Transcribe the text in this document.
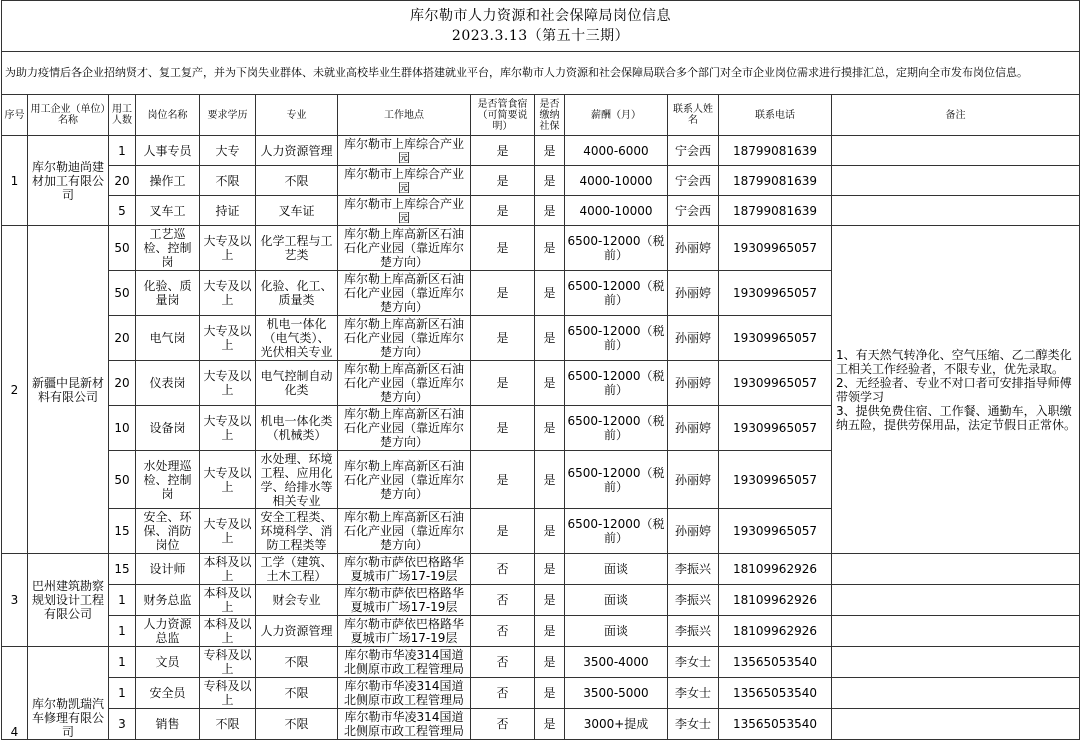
库尔勒市人力资源和社会保障局岗位信息
2023.3.13（第五十三期）												

为助力疫情后各企业招纳贤才、复工复产，并为下岗失业群体、未就业高校毕业生群体搭建就业平台，库尔勒市人力资源和社会保障局联合多个部门对全市企业岗位需求进行摸排汇总，定期向全市发布岗位信息。												
序号	用工企业（单位）名称	用工人数	岗位名称	要求学历	专业	工作地点	是否管食宿（可简要说明）	是否缴纳社保	薪酬（月）	联系人姓名	联系电话	备注
1	库尔勒迪尚建材加工有限公司	1	人事专员	大专	人力资源管理	库尔勒市上库综合产业园	是	是	4000-6000	宁会西	18799081639	
		20	操作工	不限	不限	库尔勒市上库综合产业园	是	是	4000-10000	宁会西	18799081639	
		5	叉车工	持证	叉车证	库尔勒市上库综合产业园	是	是	4000-10000	宁会西	18799081639	
2	新疆中昆新材料有限公司	50	工艺巡检、控制岗	大专及以上	化学工程与工艺类	库尔勒上库高新区石油石化产业园（靠近库尔楚方向）	是	是	6500-12000（税前）	孙丽婷	19309965057	1、有天然气转净化、空气压缩、乙二醇类化工相关工作经验者，不限专业，优先录取。
2、无经验者、专业不对口者可安排指导师傅带领学习
3、提供免费住宿、工作餐、通勤车，入职缴纳五险，提供劳保用品，法定节假日正常休。
		50	化验、质量岗	大专及以上	化验、化工、质量类	库尔勒上库高新区石油石化产业园（靠近库尔楚方向）	是	是	6500-12000（税前）	孙丽婷	19309965057	
		20	电气岗	大专及以上	机电一体化（电气类）、光伏相关专业	库尔勒上库高新区石油石化产业园（靠近库尔楚方向）	是	是	6500-12000（税前）	孙丽婷	19309965057	
		20	仪表岗	大专及以上	电气控制自动化类	库尔勒上库高新区石油石化产业园（靠近库尔楚方向）	是	是	6500-12000（税前）	孙丽婷	19309965057	
		10	设备岗	大专及以上	机电一体化类（机械类）	库尔勒上库高新区石油石化产业园（靠近库尔楚方向）	是	是	6500-12000（税前）	孙丽婷	19309965057	
		50	水处理巡检、控制岗	大专及以上	水处理、环境工程、应用化学、给排水等相关专业	库尔勒上库高新区石油石化产业园（靠近库尔楚方向）	是	是	6500-12000（税前）	孙丽婷	19309965057	
		15	安全、环保、消防岗位	大专及以上	安全工程类、环境科学、消防工程类等	库尔勒上库高新区石油石化产业园（靠近库尔楚方向）	是	是	6500-12000（税前）	孙丽婷	19309965057	
3	巴州建筑勘察规划设计工程有限公司	15	设计师	本科及以上	工学（建筑、土木工程）	库尔勒市萨依巴格路华夏城市广场17-19层	否	是	面谈	李振兴	18109962926	
		1	财务总监	本科及以上	财会专业	库尔勒市萨依巴格路华夏城市广场17-19层	否	是	面谈	李振兴	18109962926	
		1	人力资源总监	本科及以上	人力资源管理	库尔勒市萨依巴格路华夏城市广场17-19层	否	是	面谈	李振兴	18109962926	
4	库尔勒凯瑞汽车修理有限公司	1	文员	专科及以上	不限	库尔勒市华凌314国道北侧原市政工程管理局	否	是	3500-4000	李女士	13565053540	
		1	安全员	专科及以上	不限	库尔勒市华凌314国道北侧原市政工程管理局	否	是	3500-5000	李女士	13565053540	
		3	销售	不限	不限	库尔勒市华凌314国道北侧原市政工程管理局	否	是	3000+提成	李女士	13565053540	
